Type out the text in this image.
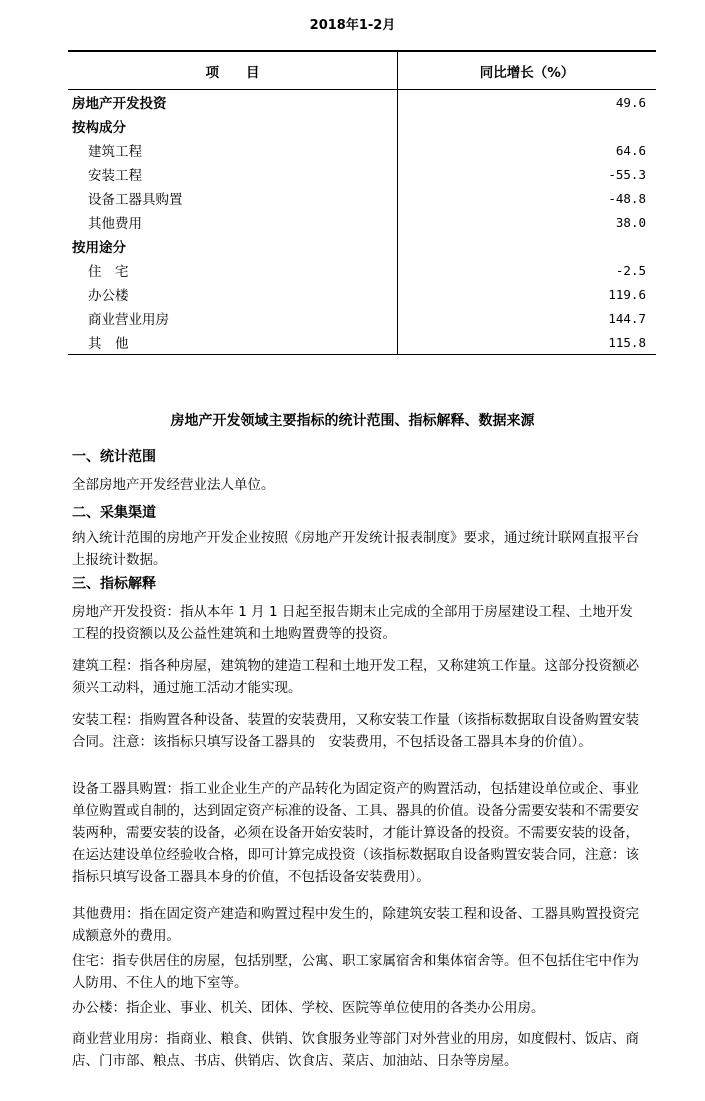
2018年1-2月
项　　目	同比增长（%）
房地产开发投资	49.6
按构成分	
建筑工程	64.6
安装工程	-55.3
设备工器具购置	-48.8
其他费用	38.0
按用途分	
住　宅	-2.5
办公楼	119.6
商业营业用房	144.7
其　他	115.8
房地产开发领域主要指标的统计范围、指标解释、数据来源
一、统计范围
全部房地产开发经营业法人单位。
二、采集渠道
纳入统计范围的房地产开发企业按照《房地产开发统计报表制度》要求，通过统计联网直报平台上报统计数据。
三、指标解释
房地产开发投资：指从本年 1 月 1 日起至报告期末止完成的全部用于房屋建设工程、土地开发工程的投资额以及公益性建筑和土地购置费等的投资。
建筑工程：指各种房屋，建筑物的建造工程和土地开发工程，又称建筑工作量。这部分投资额必须兴工动料，通过施工活动才能实现。
安装工程：指购置各种设备、装置的安装费用，又称安装工作量（该指标数据取自设备购置安装合同。注意：该指标只填写设备工器具的　安装费用，不包括设备工器具本身的价值）。
设备工器具购置：指工业企业生产的产品转化为固定资产的购置活动，包括建设单位或企、事业单位购置或自制的，达到固定资产标准的设备、工具、器具的价值。设备分需要安装和不需要安装两种，需要安装的设备，必须在设备开始安装时，才能计算设备的投资。不需要安装的设备，在运达建设单位经验收合格，即可计算完成投资（该指标数据取自设备购置安装合同，注意：该指标只填写设备工器具本身的价值，不包括设备安装费用）。
其他费用：指在固定资产建造和购置过程中发生的，除建筑安装工程和设备、工器具购置投资完成额意外的费用。
住宅：指专供居住的房屋，包括别墅，公寓、职工家属宿舍和集体宿舍等。但不包括住宅中作为人防用、不住人的地下室等。
办公楼：指企业、事业、机关、团体、学校、医院等单位使用的各类办公用房。
商业营业用房：指商业、粮食、供销、饮食服务业等部门对外营业的用房，如度假村、饭店、商店、门市部、粮点、书店、供销店、饮食店、菜店、加油站、日杂等房屋。
